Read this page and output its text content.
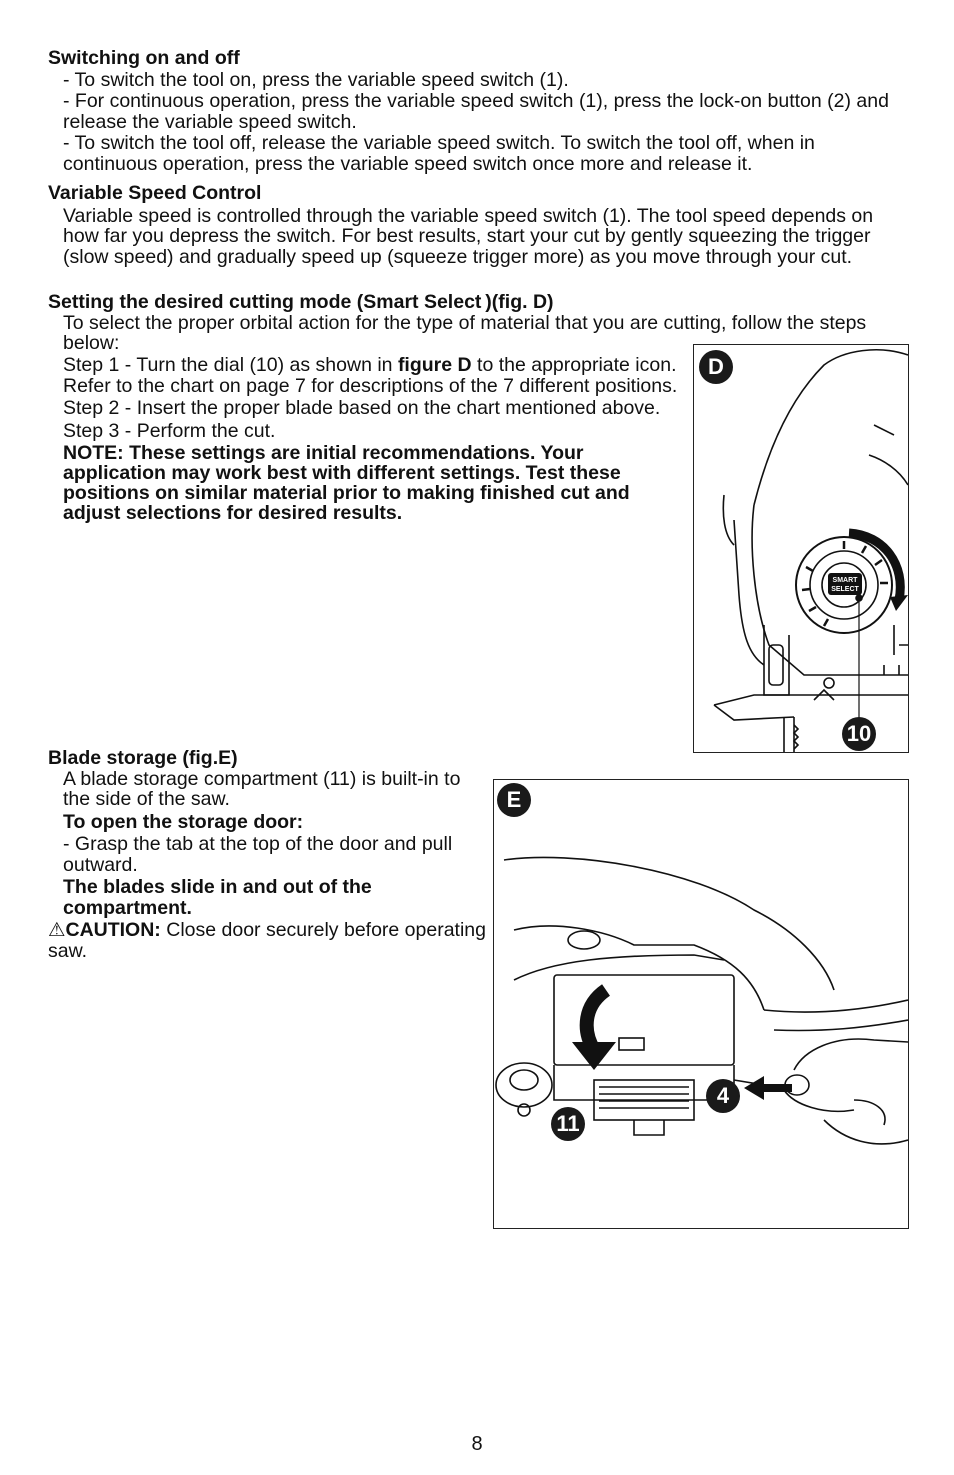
Switching on and off

- To switch the tool on, press the variable speed switch (1).

- For continuous operation, press the variable speed switch (1), press the lock-on button (2) and release the variable speed switch.

- To switch the tool off, release the variable speed switch. To switch the tool off, when in continuous operation, press the variable speed switch once more and release it.

Variable Speed Control

Variable speed is controlled through the variable speed switch (1). The tool speed depends on how far you depress the switch. For best results, start your cut by gently squeezing the trigger (slow speed) and gradually speed up (squeeze trigger more) as you move through your cut.

Setting the desired cutting mode (Smart Select )(fig. D)

To select the proper orbital action for the type of material that you are cutting, follow the steps below:

Step 1 - Turn the dial (10) as shown in figure D to the appropriate icon. Refer to the chart on page 7 for descriptions of the 7 different positions.

Step 2 - Insert the proper blade based on the chart mentioned above.

Step 3 - Perform the cut.

NOTE: These settings are initial recommendations. Your application may work best with different settings. Test these positions on similar material prior to making finished cut and adjust selections for desired results.

SMART
SELECT
D
10

Blade storage (fig.E)

A blade storage compartment (11) is built-in to the side of the saw.

To open the storage door:

- Grasp the tab at the top of the door and pull outward.

The blades slide in and out of the compartment.

⚠CAUTION: Close door securely before operating saw.

E
4
11
8
